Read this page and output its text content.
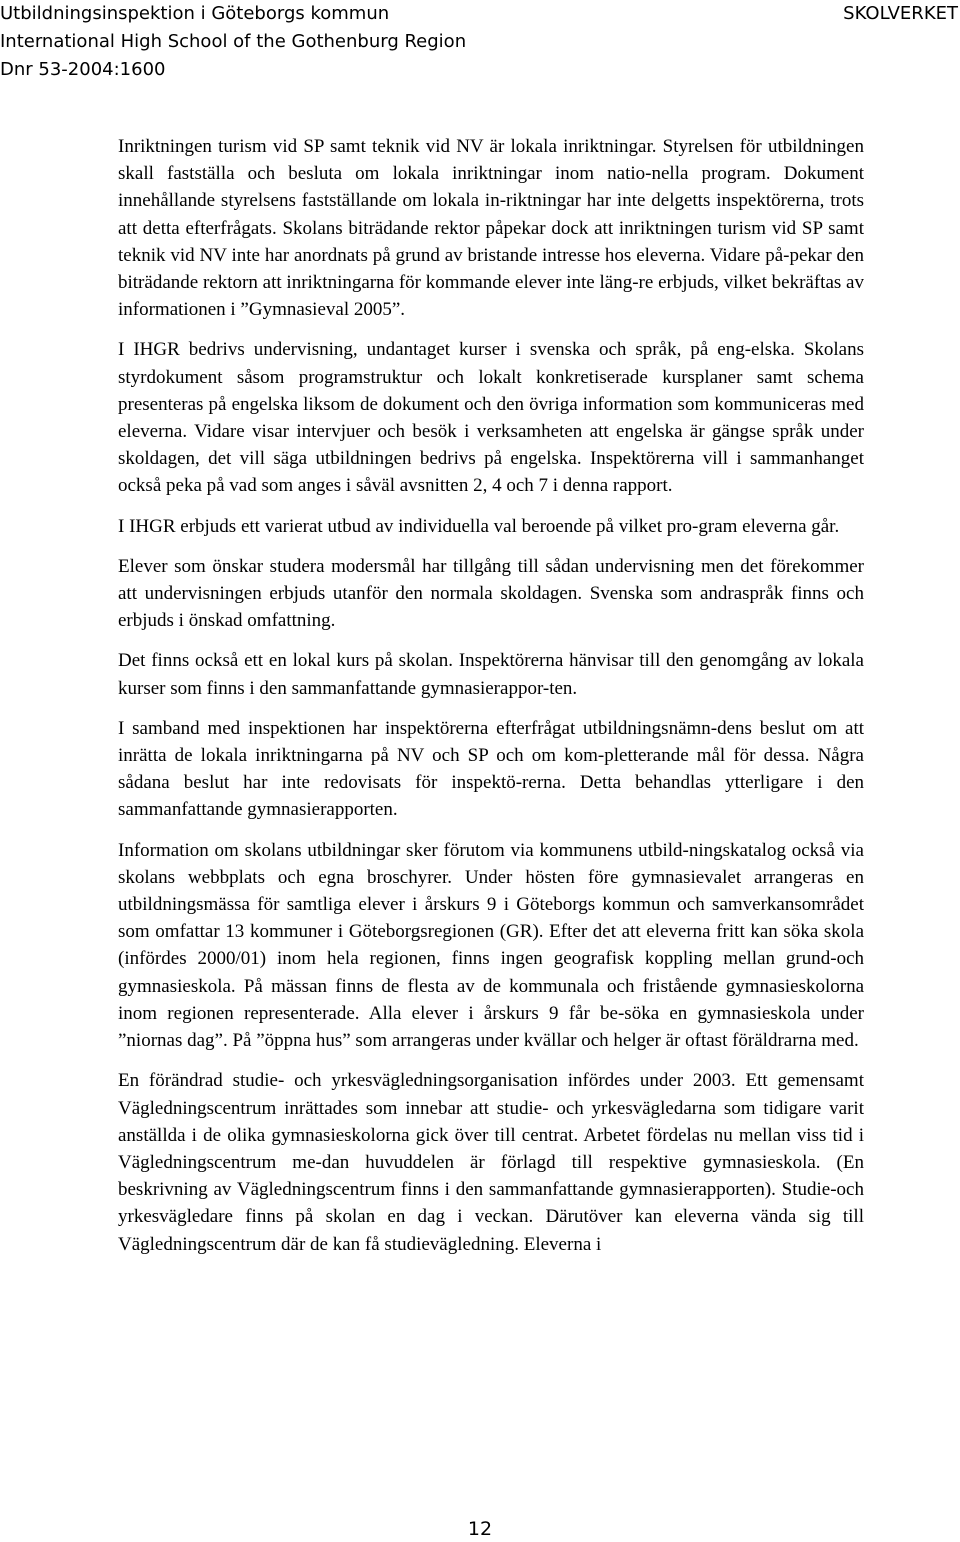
Utbildningsinspektion i Göteborgs kommun
International High School of the Gothenburg Region
Dnr 53-2004:1600
SKOLVERKET

Inriktningen turism vid SP samt teknik vid NV är lokala inriktningar. Styrelsen för utbildningen skall fastställa och besluta om lokala inriktningar inom natio-nella program. Dokument innehållande styrelsens fastställande om lokala in-riktningar har inte delgetts inspektörerna, trots att detta efterfrågats. Skolans biträdande rektor påpekar dock att inriktningen turism vid SP samt teknik vid NV inte har anordnats på grund av bristande intresse hos eleverna. Vidare på-pekar den biträdande rektorn att inriktningarna för kommande elever inte läng-re erbjuds, vilket bekräftas av informationen i ”Gymnasieval 2005”.

I IHGR bedrivs undervisning, undantaget kurser i svenska och språk, på eng-elska. Skolans styrdokument såsom programstruktur och lokalt konkretiserade kursplaner samt schema presenteras på engelska liksom de dokument och den övriga information som kommuniceras med eleverna. Vidare visar intervjuer och besök i verksamheten att engelska är gängse språk under skoldagen, det vill säga utbildningen bedrivs på engelska. Inspektörerna vill i sammanhanget också peka på vad som anges i såväl avsnitten 2, 4 och 7 i denna rapport.

I IHGR erbjuds ett varierat utbud av individuella val beroende på vilket pro-gram eleverna går.

Elever som önskar studera modersmål har tillgång till sådan undervisning men det förekommer att undervisningen erbjuds utanför den normala skoldagen. Svenska som andraspråk finns och erbjuds i önskad omfattning.

Det finns också ett en lokal kurs på skolan. Inspektörerna hänvisar till den genomgång av lokala kurser som finns i den sammanfattande gymnasierappor-ten.

I samband med inspektionen har inspektörerna efterfrågat utbildningsnämn-dens beslut om att inrätta de lokala inriktningarna på NV och SP och om kom-pletterande mål för dessa. Några sådana beslut har inte redovisats för inspektö-rerna. Detta behandlas ytterligare i den sammanfattande gymnasierapporten.

Information om skolans utbildningar sker förutom via kommunens utbild-ningskatalog också via skolans webbplats och egna broschyrer. Under hösten före gymnasievalet arrangeras en utbildningsmässa för samtliga elever i årskurs 9 i Göteborgs kommun och samverkansområdet som omfattar 13 kommuner i Göteborgsregionen (GR). Efter det att eleverna fritt kan söka skola (infördes 2000/01) inom hela regionen, finns ingen geografisk koppling mellan grund-och gymnasieskola. På mässan finns de flesta av de kommunala och fristående gymnasieskolorna inom regionen representerade. Alla elever i årskurs 9 får be-söka en gymnasieskola under ”niornas dag”. På ”öppna hus” som arrangeras under kvällar och helger är oftast föräldrarna med.

En förändrad studie- och yrkesvägledningsorganisation infördes under 2003. Ett gemensamt Vägledningscentrum inrättades som innebar att studie- och yrkesvägledarna som tidigare varit anställda i de olika gymnasieskolorna gick över till centrat. Arbetet fördelas nu mellan viss tid i Vägledningscentrum me-dan huvuddelen är förlagd till respektive gymnasieskola. (En beskrivning av Vägledningscentrum finns i den sammanfattande gymnasierapporten). Studie-och yrkesvägledare finns på skolan en dag i veckan. Därutöver kan eleverna vända sig till Vägledningscentrum där de kan få studievägledning. Eleverna i

12
